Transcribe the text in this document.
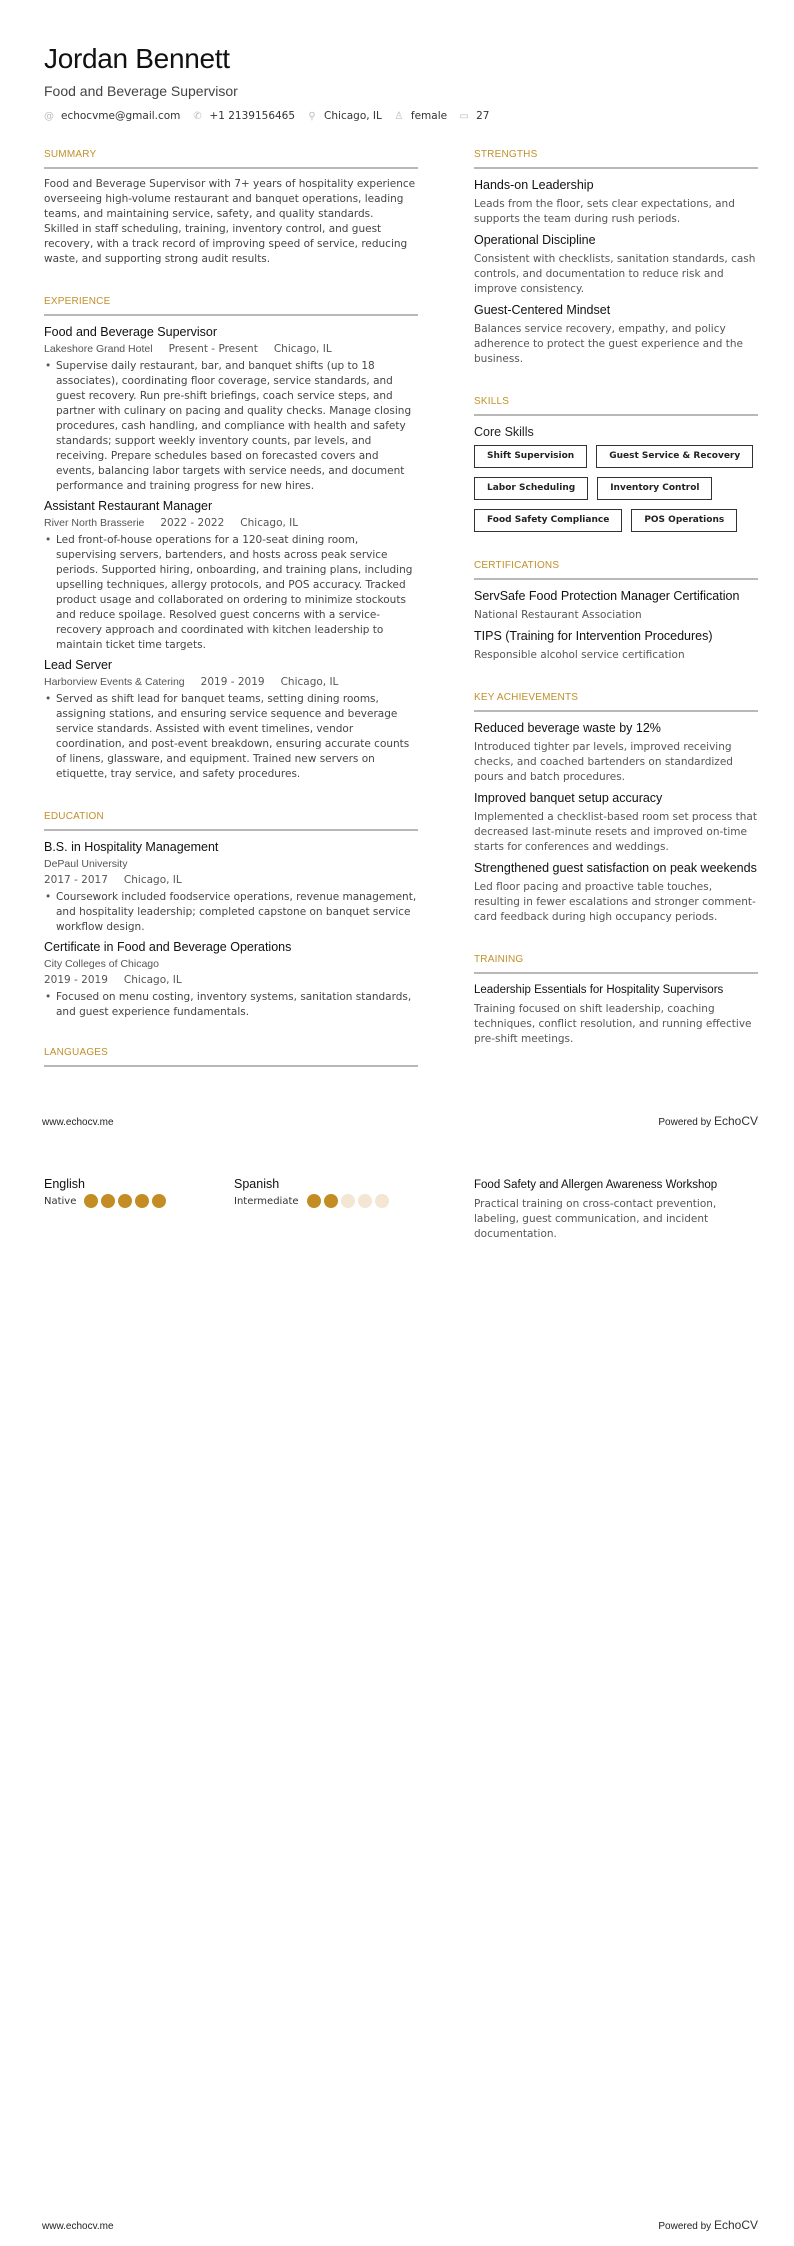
Jordan Bennett
Food and Beverage Supervisor
@ echocvme@gmail.com ✆ +1 2139156465 ⚲ Chicago, IL ♙ female ▭ 27
SUMMARY

Food and Beverage Supervisor with 7+ years of hospitality experience overseeing high-volume restaurant and banquet operations, leading teams, and maintaining service, safety, and quality standards.

Skilled in staff scheduling, training, inventory control, and guest recovery, with a track record of improving speed of service, reducing waste, and supporting strong audit results.

EXPERIENCE
Food and Beverage Supervisor
Lakeshore Grand Hotel Present - Present Chicago, IL
• Supervise daily restaurant, bar, and banquet shifts (up to 18 associates), coordinating floor coverage, service standards, and guest recovery. Run pre-shift briefings, coach service steps, and partner with culinary on pacing and quality checks. Manage closing procedures, cash handling, and compliance with health and safety standards; support weekly inventory counts, par levels, and receiving. Prepare schedules based on forecasted covers and events, balancing labor targets with service needs, and document performance and training progress for new hires.
Assistant Restaurant Manager
River North Brasserie 2022 - 2022 Chicago, IL
• Led front-of-house operations for a 120-seat dining room, supervising servers, bartenders, and hosts across peak service periods. Supported hiring, onboarding, and training plans, including upselling techniques, allergy protocols, and POS accuracy. Tracked product usage and collaborated on ordering to minimize stockouts and reduce spoilage. Resolved guest concerns with a service-recovery approach and coordinated with kitchen leadership to maintain ticket time targets.
Lead Server
Harborview Events & Catering 2019 - 2019 Chicago, IL
• Served as shift lead for banquet teams, setting dining rooms, assigning stations, and ensuring service sequence and beverage service standards. Assisted with event timelines, vendor coordination, and post-event breakdown, ensuring accurate counts of linens, glassware, and equipment. Trained new servers on etiquette, tray service, and safety procedures.
EDUCATION
B.S. in Hospitality Management
DePaul University
2017 - 2017 Chicago, IL
• Coursework included foodservice operations, revenue management, and hospitality leadership; completed capstone on banquet service workflow design.
Certificate in Food and Beverage Operations
City Colleges of Chicago
2019 - 2019 Chicago, IL
• Focused on menu costing, inventory systems, sanitation standards, and guest experience fundamentals.
LANGUAGES
STRENGTHS
Hands-on Leadership
Leads from the floor, sets clear expectations, and supports the team during rush periods.
Operational Discipline
Consistent with checklists, sanitation standards, cash controls, and documentation to reduce risk and improve consistency.
Guest-Centered Mindset
Balances service recovery, empathy, and policy adherence to protect the guest experience and the business.
SKILLS
Core Skills
Shift Supervision	Guest Service & Recovery
Labor Scheduling	Inventory Control
Food Safety Compliance	POS Operations
CERTIFICATIONS
ServSafe Food Protection Manager Certification
National Restaurant Association
TIPS (Training for Intervention Procedures)
Responsible alcohol service certification
KEY ACHIEVEMENTS
Reduced beverage waste by 12%
Introduced tighter par levels, improved receiving checks, and coached bartenders on standardized pours and batch procedures.
Improved banquet setup accuracy
Implemented a checklist-based room set process that decreased last-minute resets and improved on-time starts for conferences and weddings.
Strengthened guest satisfaction on peak weekends
Led floor pacing and proactive table touches, resulting in fewer escalations and stronger comment-card feedback during high occupancy periods.
TRAINING
Leadership Essentials for Hospitality Supervisors
Training focused on shift leadership, coaching techniques, conflict resolution, and running effective pre-shift meetings.
www.echocv.me	Powered by EchoCV
English
Native
Spanish
Intermediate
Food Safety and Allergen Awareness Workshop
Practical training on cross-contact prevention, labeling, guest communication, and incident documentation.
www.echocv.me	Powered by EchoCV
